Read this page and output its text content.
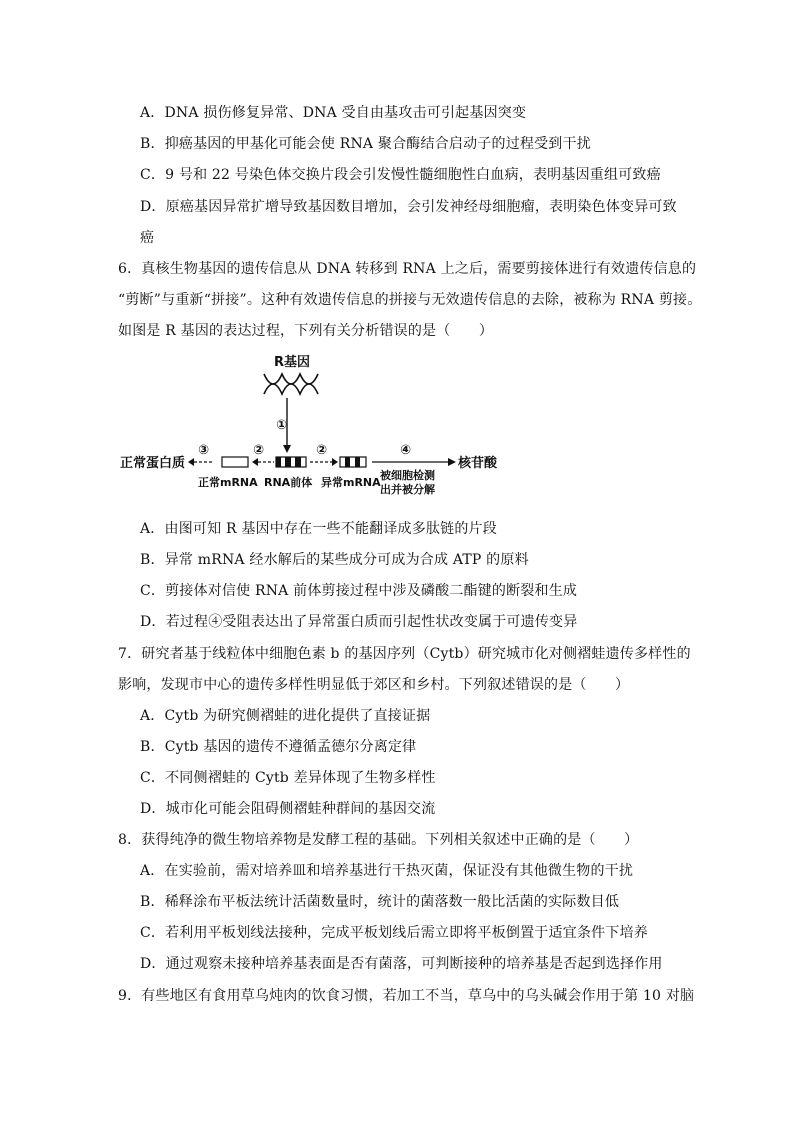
A．DNA 损伤修复异常、DNA 受自由基攻击可引起基因突变
B．抑癌基因的甲基化可能会使 RNA 聚合酶结合启动子的过程受到干扰
C．9 号和 22 号染色体交换片段会引发慢性髓细胞性白血病，表明基因重组可致癌
D．原癌基因异常扩增导致基因数目增加，会引发神经母细胞瘤，表明染色体变异可致
癌
6．真核生物基因的遗传信息从 DNA 转移到 RNA 上之后，需要剪接体进行有效遗传信息的
“剪断”与重新“拼接”。这种有效遗传信息的拼接与无效遗传信息的去除，被称为 RNA 剪接。
如图是 R 基因的表达过程，下列有关分析错误的是（　　）
R基因
①
正常蛋白质
③	②	②	④
核苷酸
正常mRNA RNA前体 异常mRNA
被细胞检测
出并被分解
A．由图可知 R 基因中存在一些不能翻译成多肽链的片段
B．异常 mRNA 经水解后的某些成分可成为合成 ATP 的原料
C．剪接体对信使 RNA 前体剪接过程中涉及磷酸二酯键的断裂和生成
D．若过程④受阻表达出了异常蛋白质而引起性状改变属于可遗传变异
7．研究者基于线粒体中细胞色素 b 的基因序列（Cytb）研究城市化对侧褶蛙遗传多样性的
影响，发现市中心的遗传多样性明显低于郊区和乡村。下列叙述错误的是（　　）
A．Cytb 为研究侧褶蛙的进化提供了直接证据
B．Cytb 基因的遗传不遵循孟德尔分离定律
C．不同侧褶蛙的 Cytb 差异体现了生物多样性
D．城市化可能会阻碍侧褶蛙种群间的基因交流
8．获得纯净的微生物培养物是发酵工程的基础。下列相关叙述中正确的是（　　）
A．在实验前，需对培养皿和培养基进行干热灭菌，保证没有其他微生物的干扰
B．稀释涂布平板法统计活菌数量时，统计的菌落数一般比活菌的实际数目低
C．若利用平板划线法接种，完成平板划线后需立即将平板倒置于适宜条件下培养
D．通过观察未接种培养基表面是否有菌落，可判断接种的培养基是否起到选择作用
9．有些地区有食用草乌炖肉的饮食习惯，若加工不当，草乌中的乌头碱会作用于第 10 对脑
